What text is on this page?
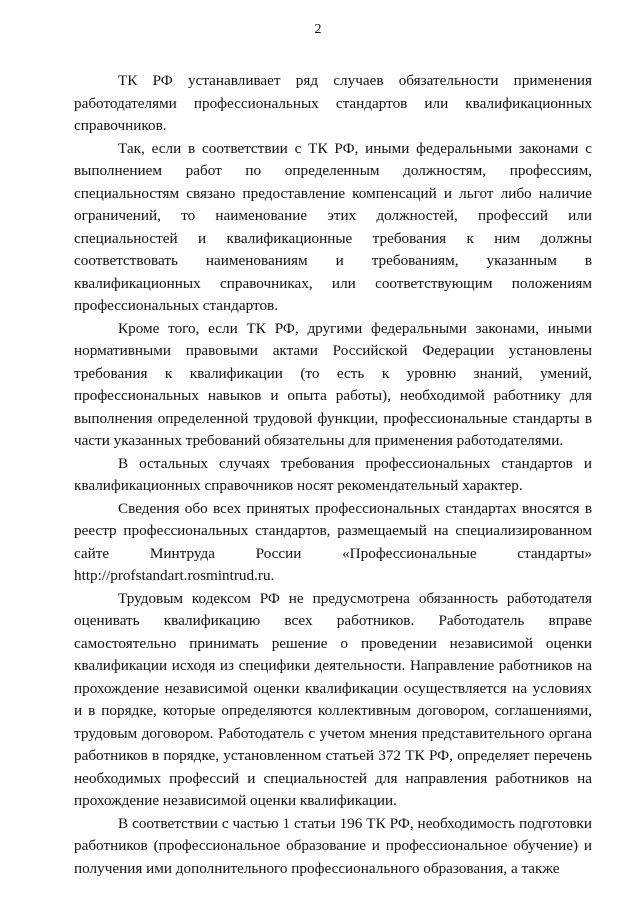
2

ТК РФ устанавливает ряд случаев обязательности применения работодателями профессиональных стандартов или квалификационных справочников.

Так, если в соответствии с ТК РФ, иными федеральными законами с выполнением работ по определенным должностям, профессиям, специальностям связано предоставление компенсаций и льгот либо наличие ограничений, то наименование этих должностей, профессий или специальностей и квалификационные требования к ним должны соответствовать наименованиям и требованиям, указанным в квалификационных справочниках, или соответствующим положениям профессиональных стандартов.

Кроме того, если ТК РФ, другими федеральными законами, иными нормативными правовыми актами Российской Федерации установлены требования к квалификации (то есть к уровню знаний, умений, профессиональных навыков и опыта работы), необходимой работнику для выполнения определенной трудовой функции, профессиональные стандарты в части указанных требований обязательны для применения работодателями.

В остальных случаях требования профессиональных стандартов и квалификационных справочников носят рекомендательный характер.

Сведения обо всех принятых профессиональных стандартах вносятся в реестр профессиональных стандартов, размещаемый на специализированном сайте Минтруда России «Профессиональные стандарты» http://profstandart.rosmintrud.ru.

Трудовым кодексом РФ не предусмотрена обязанность работодателя оценивать квалификацию всех работников. Работодатель вправе самостоятельно принимать решение о проведении независимой оценки квалификации исходя из специфики деятельности. Направление работников на прохождение независимой оценки квалификации осуществляется на условиях и в порядке, которые определяются коллективным договором, соглашениями, трудовым договором. Работодатель с учетом мнения представительного органа работников в порядке, установленном статьей 372 ТК РФ, определяет перечень необходимых профессий и специальностей для направления работников на прохождение независимой оценки квалификации.

В соответствии с частью 1 статьи 196 ТК РФ, необходимость подготовки работников (профессиональное образование и профессиональное обучение) и получения ими дополнительного профессионального образования, а также
